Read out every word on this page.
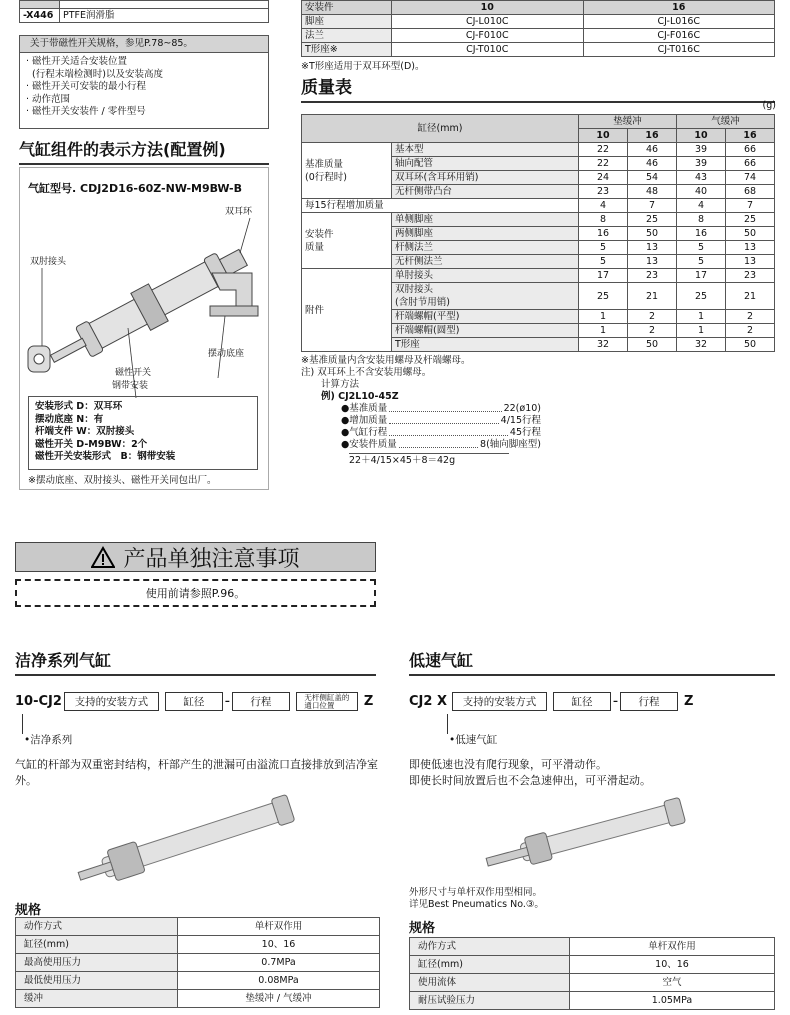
-X446	PTFE润滑脂
关于带磁性开关规格，参见P.78~85。
· 磁性开关适合安装位置
(行程末端检测时)以及安装高度
· 磁性开关可安装的最小行程
· 动作范围
· 磁性开关安装件 / 零件型号
气缸组件的表示方法(配置例)
气缸型号. CDJ2D16-60Z-NW-M9BW-B
双耳环
双肘接头
磁性开关
钢带安装
摆动底座
安装形式 D：双耳环
摆动底座 N：有
杆端支件 W：双肘接头
磁性开关 D-M9BW：2个
磁性开关安装形式　B：钢带安装
※摆动底座、双肘接头、磁性开关同包出厂。
安装件	10	16
脚座	CJ-L010C	CJ-L016C
法兰	CJ-F010C	CJ-F016C
T形座※	CJ-T010C	CJ-T016C
※T形座适用于双耳环型(D)。
质量表
(g)
缸径(mm)		垫缓冲		气缓冲	
		10	16	10	16
基准质量
(0行程时)	基本型	22	46	39	66
	轴向配管	22	46	39	66
	双耳环(含耳环用销)	24	54	43	74
	无杆侧带凸台	23	48	40	68
每15行程增加质量		4	7	4	7
安装件
质量	单侧脚座	8	25	8	25
	两侧脚座	16	50	16	50
	杆侧法兰	5	13	5	13
	无杆侧法兰	5	13	5	13
附件	单肘接头	17	23	17	23
	双肘接头
(含肘节用销)	25	21	25	21
	杆端螺帽(平型)	1	2	1	2
	杆端螺帽(圆型)	1	2	1	2
	T形座	32	50	32	50
※基准质量内含安装用螺母及杆端螺母。
注) 双耳环上不含安装用螺母。
计算方法
例) CJ2L10-45Z
●基准质量	22(ø10)
●增加质量	4/15行程
●气缸行程	45行程
●安装件质量	8(轴向脚座型)
22＋4/15×45＋8＝42g
产品单独注意事项
使用前请参照P.96。
洁净系列气缸
10-CJ2	支持的安装方式	缸径	–	行程	无杆侧缸盖的
通口位置	Z
•洁净系列
气缸的杆部为双重密封结构，杆部产生的泄漏可由溢流口直接排放到洁净室外。
规格
动作方式	单杆双作用
缸径(mm)	10、16
最高使用压力	0.7MPa
最低使用压力	0.08MPa
缓冲	垫缓冲 / 气缓冲
低速气缸
CJ2 X	支持的安装方式	缸径	–	行程	Z
•低速气缸
即使低速也没有爬行现象，可平滑动作。
即使长时间放置后也不会急速伸出，可平滑起动。
外形尺寸与单杆双作用型相同。
详见Best Pneumatics No.③。
规格
动作方式	单杆双作用
缸径(mm)	10、16
使用流体	空气
耐压试验压力	1.05MPa
